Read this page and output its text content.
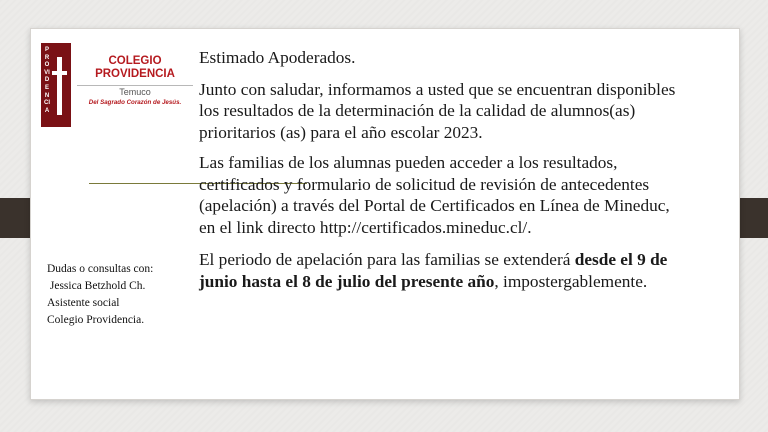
PROVIDENCIA
COLEGIO
PROVIDENCIA
Temuco
Del Sagrado Corazón de Jesús.
Dudas o consultas con:
Jessica Betzhold Ch.
Asistente social
Colegio Providencia.

Estimado Apoderados.

Junto con saludar, informamos a usted que se encuentran disponibles los resultados de la determinación de la calidad de alumnos(as) prioritarios (as) para el año escolar 2023.

Las familias de los alumnas pueden acceder a los resultados, certificados y formulario de solicitud de revisión de antecedentes (apelación) a través del Portal de Certificados en Línea de Mineduc, en el link directo http://certificados.mineduc.cl/.

El periodo de apelación para las familias se extenderá desde el 9 de junio hasta el 8 de julio del presente año, impostergablemente.
